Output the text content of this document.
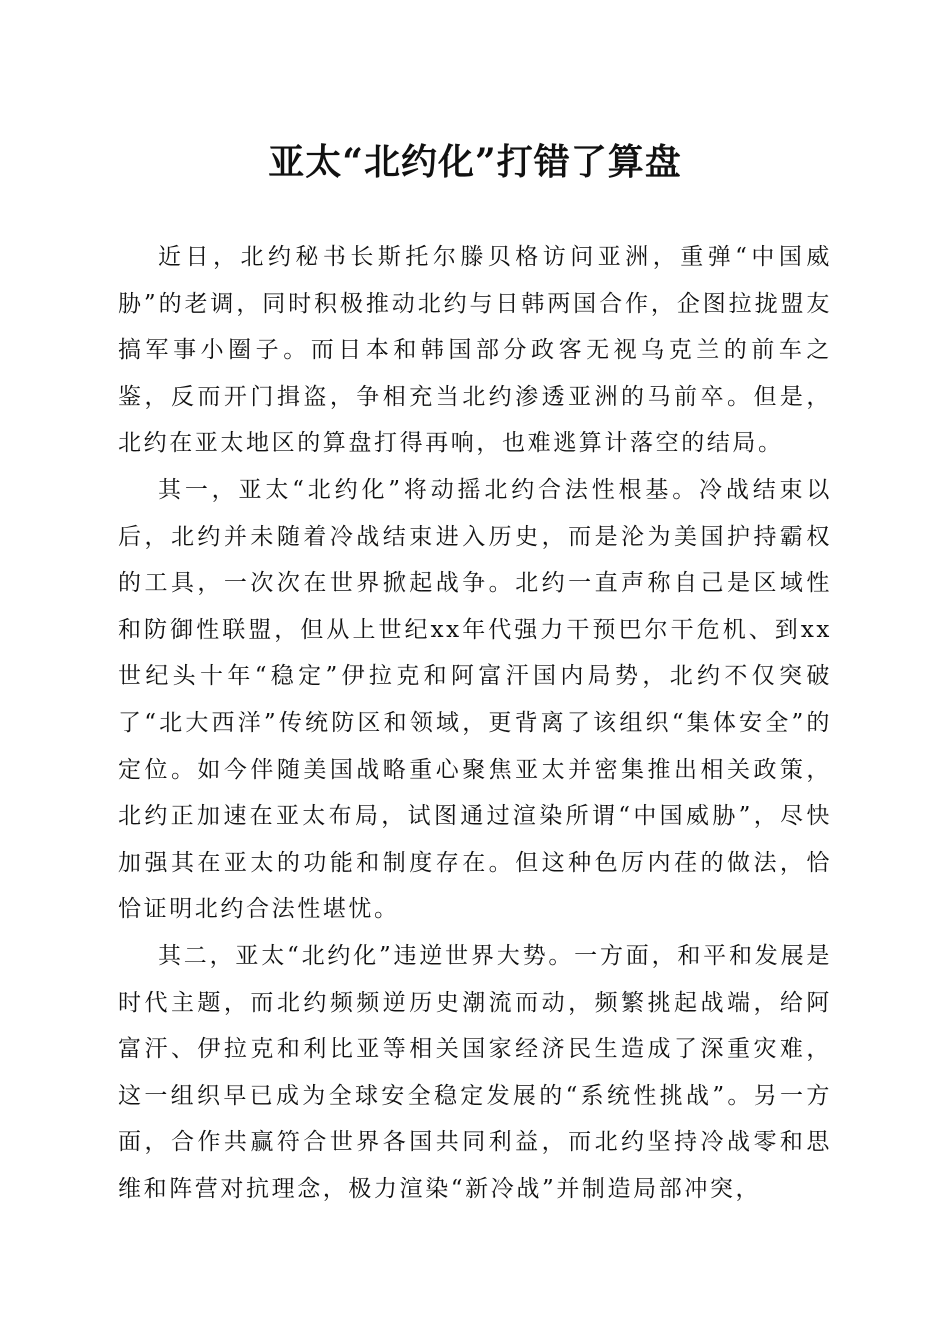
亚太“北约化”打错了算盘

近日，北约秘书长斯托尔滕贝格访问亚洲，重弹“中国威胁”的老调，同时积极推动北约与日韩两国合作，企图拉拢盟友搞军事小圈子。而日本和韩国部分政客无视乌克兰的前车之鉴，反而开门揖盗，争相充当北约渗透亚洲的马前卒。但是，北约在亚太地区的算盘打得再响，也难逃算计落空的结局。

其一，亚太“北约化”将动摇北约合法性根基。冷战结束以后，北约并未随着冷战结束进入历史，而是沦为美国护持霸权的工具，一次次在世界掀起战争。北约一直声称自己是区域性和防御性联盟，但从上世纪xx年代强力干预巴尔干危机、到xx世纪头十年“稳定”伊拉克和阿富汗国内局势，北约不仅突破了“北大西洋”传统防区和领域，更背离了该组织“集体安全”的定位。如今伴随美国战略重心聚焦亚太并密集推出相关政策，北约正加速在亚太布局，试图通过渲染所谓“中国威胁”，尽快加强其在亚太的功能和制度存在。但这种色厉内荏的做法，恰恰证明北约合法性堪忧。

其二，亚太“北约化”违逆世界大势。一方面，和平和发展是时代主题，而北约频频逆历史潮流而动，频繁挑起战端，给阿富汗、伊拉克和利比亚等相关国家经济民生造成了深重灾难，这一组织早已成为全球安全稳定发展的“系统性挑战”。另一方面，合作共赢符合世界各国共同利益，而北约坚持冷战零和思维和阵营对抗理念，极力渲染“新冷战”并制造局部冲突，
